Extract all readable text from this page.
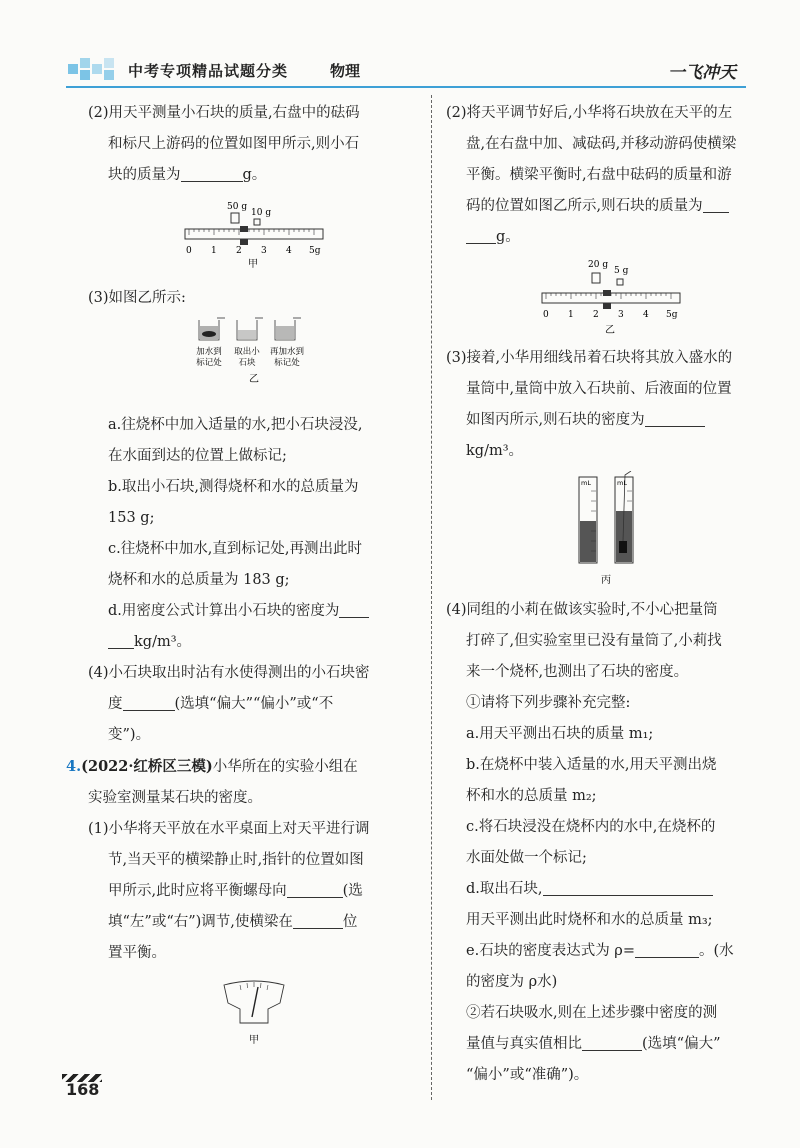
中考专项精品试题分类	物理	一飞冲天

(2)用天平测量小石块的质量,右盘中的砝码

和标尺上游码的位置如图甲所示,则小石

块的质量为	g。

50 g
10 g
0 1 2 3 4 5g
甲

(3)如图乙所示:

加水到
标记处
取出小
石块
再加水到
标记处
乙

a.往烧杯中加入适量的水,把小石块浸没,

在水面到达的位置上做标记;

b.取出小石块,测得烧杯和水的总质量为

153 g;

c.往烧杯中加水,直到标记处,再测出此时

烧杯和水的总质量为 183 g;

d.用密度公式计算出小石块的密度为

kg/m³。

(4)小石块取出时沾有水使得测出的小石块密

度	(选填“偏大”“偏小”或“不

变”)。

4.(2022·红桥区三模)小华所在的实验小组在

实验室测量某石块的密度。

(1)小华将天平放在水平桌面上对天平进行调

节,当天平的横梁静止时,指针的位置如图

甲所示,此时应将平衡螺母向	(选

填“左”或“右”)调节,使横梁在	位

置平衡。

甲

(2)将天平调节好后,小华将石块放在天平的左

盘,在右盘中加、减砝码,并移动游码使横梁

平衡。横梁平衡时,右盘中砝码的质量和游

码的位置如图乙所示,则石块的质量为

g。

20 g
5 g
0 1 2 3 4 5g
乙

(3)接着,小华用细线吊着石块将其放入盛水的

量筒中,量筒中放入石块前、后液面的位置

如图丙所示,则石块的密度为

kg/m³。

mL	mL
丙

(4)同组的小莉在做该实验时,不小心把量筒

打碎了,但实验室里已没有量筒了,小莉找

来一个烧杯,也测出了石块的密度。

①请将下列步骤补充完整:

a.用天平测出石块的质量 m₁;

b.在烧杯中装入适量的水,用天平测出烧

杯和水的总质量 m₂;

c.将石块浸没在烧杯内的水中,在烧杯的

水面处做一个标记;

d.取出石块,

用天平测出此时烧杯和水的总质量 m₃;

e.石块的密度表达式为 ρ=	。(水

的密度为 ρ水)

②若石块吸水,则在上述步骤中密度的测

量值与真实值相比	(选填“偏大”

“偏小”或“准确”)。

168
